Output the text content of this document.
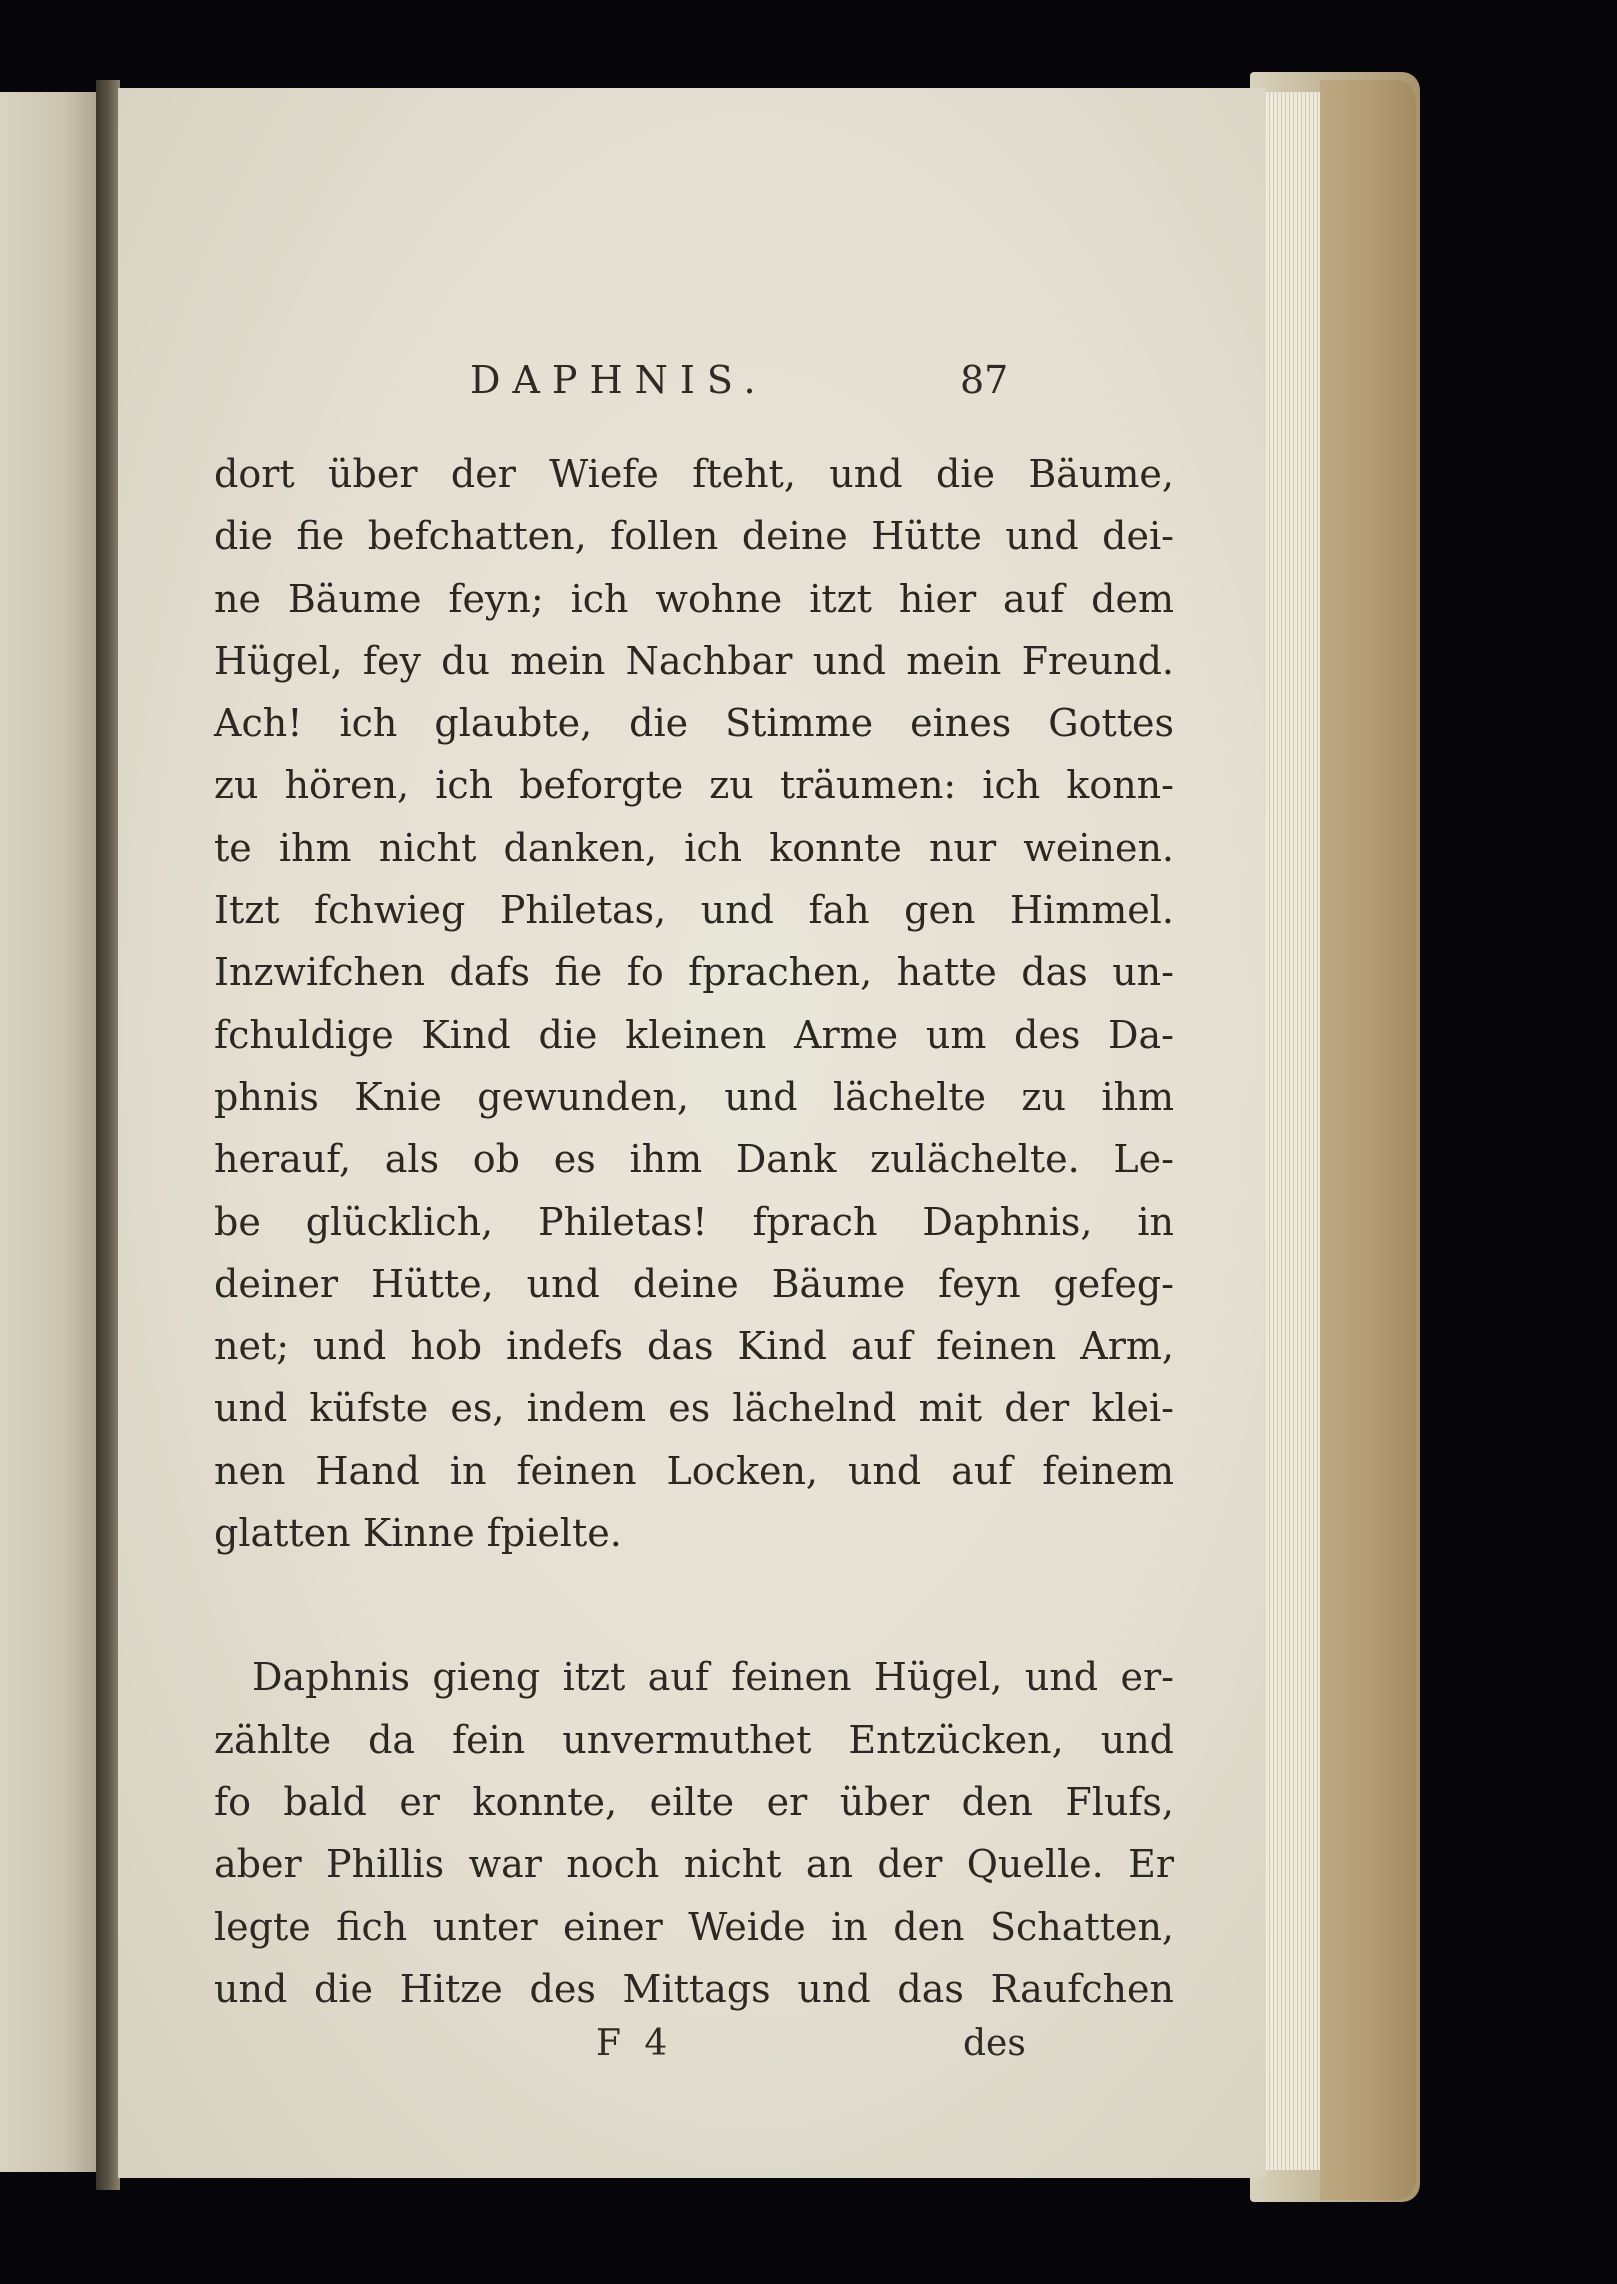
DAPHNIS.	87
dort über der Wiefe fteht, und die Bäume,
die fie befchatten, follen deine Hütte und dei-
ne Bäume feyn; ich wohne itzt hier auf dem
Hügel, fey du mein Nachbar und mein Freund.
Ach! ich glaubte, die Stimme eines Gottes
zu hören, ich beforgte zu träumen: ich konn-
te ihm nicht danken, ich konnte nur weinen.
Itzt fchwieg Philetas, und fah gen Himmel.
Inzwifchen dafs fie fo fprachen, hatte das un-
fchuldige Kind die kleinen Arme um des Da-
phnis Knie gewunden, und lächelte zu ihm
herauf, als ob es ihm Dank zulächelte. Le-
be glücklich, Philetas! fprach Daphnis, in
deiner Hütte, und deine Bäume feyn gefeg-
net; und hob indefs das Kind auf feinen Arm,
und küfste es, indem es lächelnd mit der klei-
nen Hand in feinen Locken, und auf feinem
glatten Kinne fpielte.
Daphnis gieng itzt auf feinen Hügel, und er-
zählte da fein unvermuthet Entzücken, und
fo bald er konnte, eilte er über den Flufs,
aber Phillis war noch nicht an der Quelle. Er
legte fich unter einer Weide in den Schatten,
und die Hitze des Mittags und das Raufchen
F 4	des
